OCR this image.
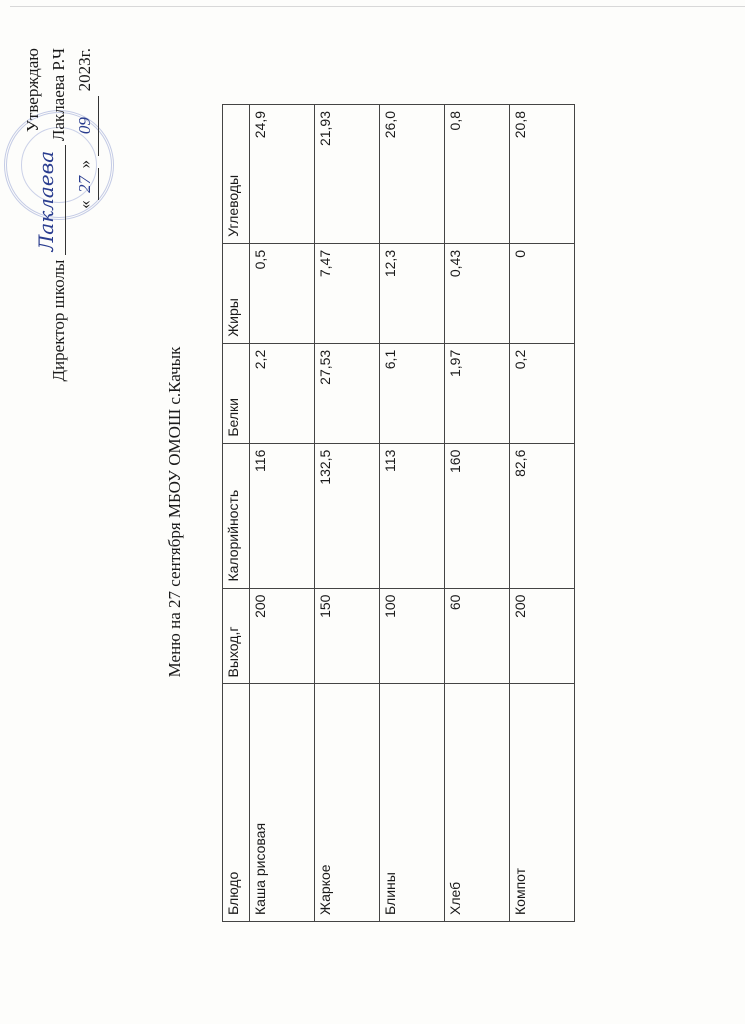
Утверждаю
Директор школы
Лаклаева
Лаклаева Р.Ч
«27» 09 2023г.
Меню на 27 сентября МБОУ ОМОШ с.Качык
Блюдо	Выход,г	Калорийность	Белки	Жиры	Углеводы
Каша рисовая	200	116	2,2	0,5	24,9
Жаркое	150	132,5	27,53	7,47	21,93
Блины	100	113	6,1	12,3	26,0
Хлеб	60	160	1,97	0,43	0,8
Компот	200	82,6	0,2	0	20,8
